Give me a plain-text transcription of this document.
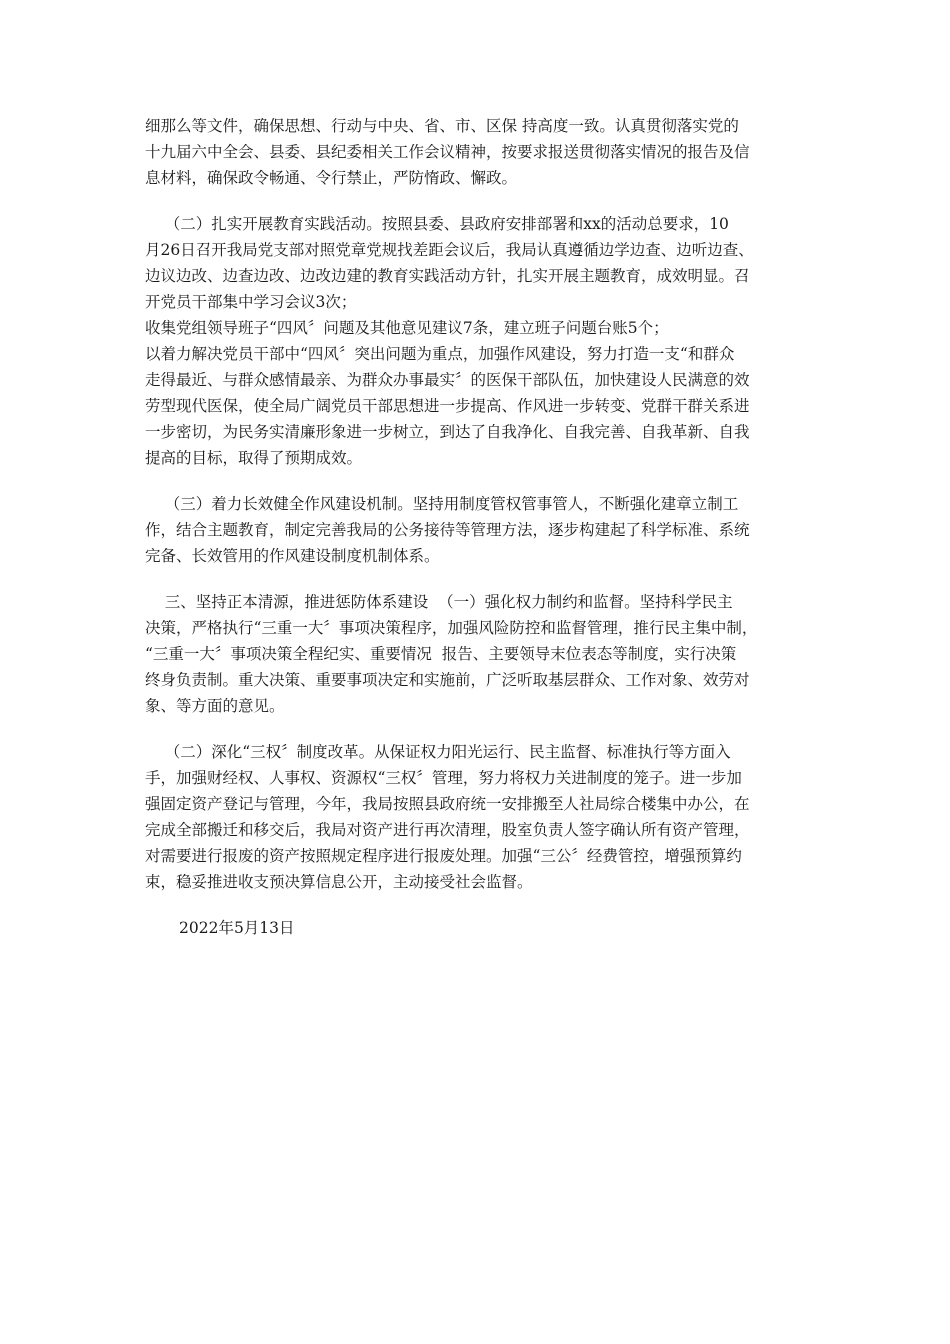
细那么等文件，确保思想、行动与中央、省、市、区保 持高度一致。认真贯彻落实党的
十九届六中全会、县委、县纪委相关工作会议精神，按要求报送贯彻落实情况的报告及信
息材料，确保政令畅通、令行禁止，严防惰政、懈政。
（二）扎实开展教育实践活动。按照县委、县政府安排部署和xx的活动总要求，10
月26日召开我局党支部对照党章党规找差距会议后，我局认真遵循边学边查、边听边查、
边议边改、边查边改、边改边建的教育实践活动方针，扎实开展主题教育，成效明显。召
开党员干部集中学习会议3次；
收集党组领导班子“四风〞问题及其他意见建议7条，建立班子问题台账5个；
以着力解决党员干部中“四风〞突出问题为重点，加强作风建设，努力打造一支“和群众
走得最近、与群众感情最亲、为群众办事最实〞的医保干部队伍，加快建设人民满意的效
劳型现代医保，使全局广阔党员干部思想进一步提高、作风进一步转变、党群干群关系进
一步密切，为民务实清廉形象进一步树立，到达了自我净化、自我完善、自我革新、自我
提高的目标，取得了预期成效。
（三）着力长效健全作风建设机制。坚持用制度管权管事管人，不断强化建章立制工
作，结合主题教育，制定完善我局的公务接待等管理方法，逐步构建起了科学标准、系统
完备、长效管用的作风建设制度机制体系。
三、坚持正本清源，推进惩防体系建设  （一）强化权力制约和监督。坚持科学民主
决策，严格执行“三重一大〞事项决策程序，加强风险防控和监督管理，推行民主集中制，
“三重一大〞事项决策全程纪实、重要情况  报告、主要领导末位表态等制度，实行决策
终身负责制。重大决策、重要事项决定和实施前，广泛听取基层群众、工作对象、效劳对
象、等方面的意见。
（二）深化“三权〞制度改革。从保证权力阳光运行、民主监督、标准执行等方面入
手，加强财经权、人事权、资源权“三权〞管理，努力将权力关进制度的笼子。进一步加
强固定资产登记与管理，今年，我局按照县政府统一安排搬至人社局综合楼集中办公，在
完成全部搬迁和移交后，我局对资产进行再次清理，股室负责人签字确认所有资产管理，
对需要进行报废的资产按照规定程序进行报废处理。加强“三公〞经费管控，增强预算约
束，稳妥推进收支预决算信息公开，主动接受社会监督。
2022年5月13日
